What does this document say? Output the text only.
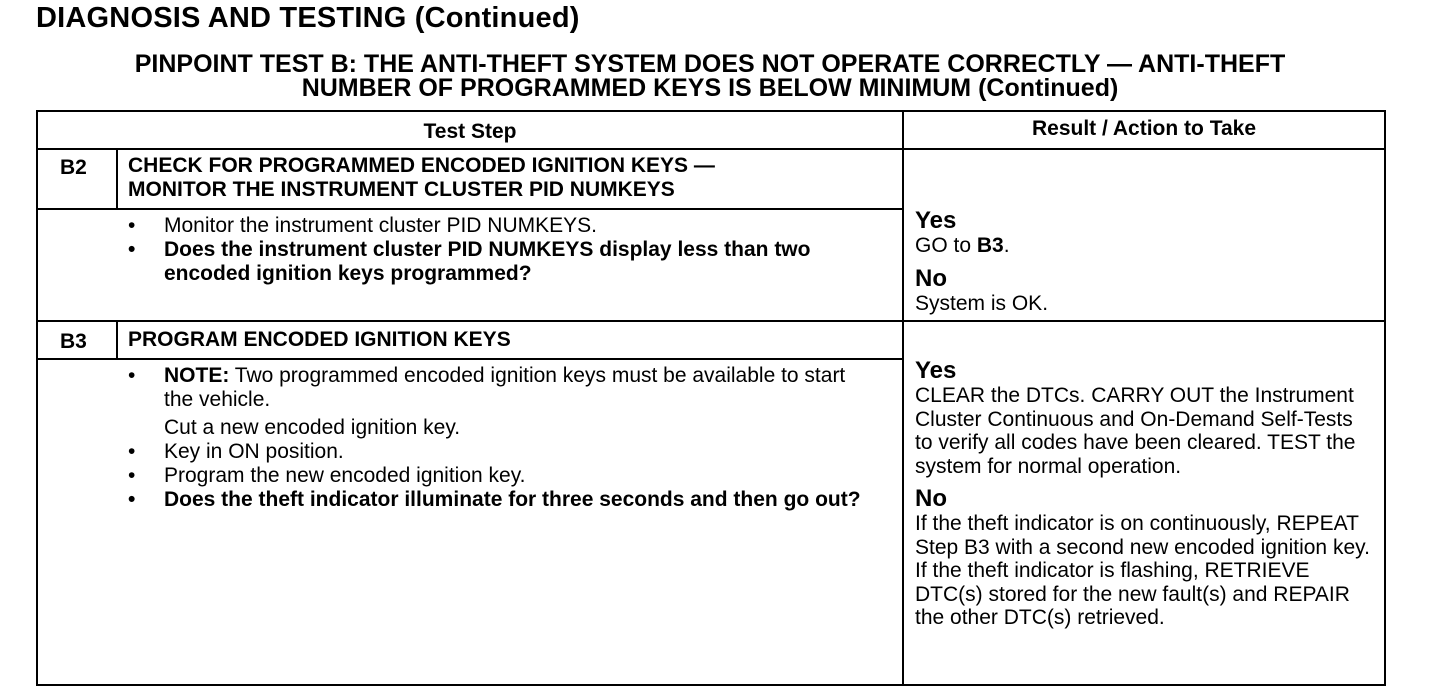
DIAGNOSIS AND TESTING (Continued)
PINPOINT TEST B: THE ANTI-THEFT SYSTEM DOES NOT OPERATE CORRECTLY — ANTI-THEFT
NUMBER OF PROGRAMMED KEYS IS BELOW MINIMUM (Continued)
Test Step	Result / Action to Take
B2 CHECK FOR PROGRAMMED ENCODED IGNITION KEYS —
MONITOR THE INSTRUMENT CLUSTER PID NUMKEYS
• Monitor the instrument cluster PID NUMKEYS.
• Does the instrument cluster PID NUMKEYS display less than two encoded ignition keys programmed?
Yes
GO to B3.
No
System is OK.
B3 PROGRAM ENCODED IGNITION KEYS
• NOTE: Two programmed encoded ignition keys must be available to start the vehicle.
Cut a new encoded ignition key.
• Key in ON position.
• Program the new encoded ignition key.
• Does the theft indicator illuminate for three seconds and then go out?
Yes
CLEAR the DTCs. CARRY OUT the Instrument Cluster Continuous and On-Demand Self-Tests to verify all codes have been cleared. TEST the system for normal operation.
No
If the theft indicator is on continuously, REPEAT Step B3 with a second new encoded ignition key. If the theft indicator is flashing, RETRIEVE DTC(s) stored for the new fault(s) and REPAIR the other DTC(s) retrieved.
